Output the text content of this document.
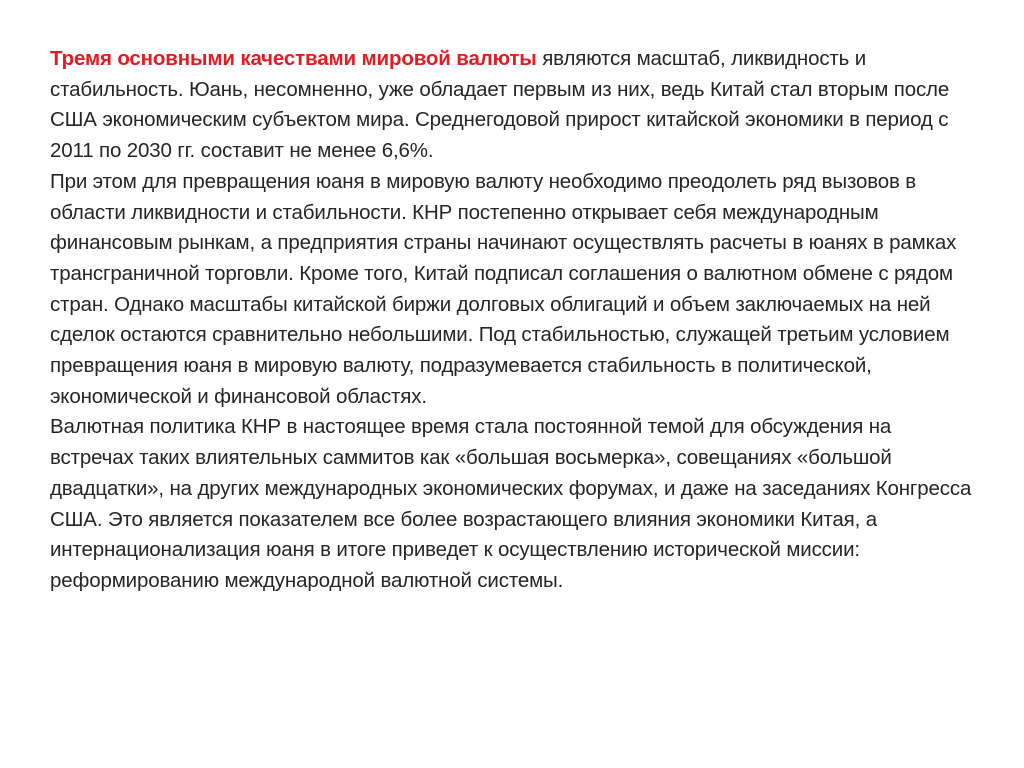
Тремя основными качествами мировой валюты являются масштаб, ликвидность и стабильность. Юань, несомненно, уже обладает первым из них, ведь Китай стал вторым после США экономическим субъектом мира. Среднегодовой прирост китайской экономики в период с 2011 по 2030 гг. составит не менее 6,6%.

При этом для превращения юаня в мировую валюту необходимо преодолеть ряд вызовов в области ликвидности и стабильности. КНР постепенно открывает себя международным финансовым рынкам, а предприятия страны начинают осуществлять расчеты в юанях в рамках трансграничной торговли. Кроме того, Китай подписал соглашения о валютном обмене с рядом стран. Однако масштабы китайской биржи долговых облигаций и объем заключаемых на ней сделок остаются сравнительно небольшими. Под стабильностью, служащей третьим условием превращения юаня в мировую валюту, подразумевается стабильность в политической, экономической и финансовой областях.

Валютная политика КНР в настоящее время стала постоянной темой для обсуждения на встречах таких влиятельных саммитов как «большая восьмерка», совещаниях «большой двадцатки», на других международных экономических форумах, и даже на заседаниях Конгресса США. Это является показателем все более возрастающего влияния экономики Китая, а интернационализация юаня в итоге приведет к осуществлению исторической миссии: реформированию международной валютной системы.
